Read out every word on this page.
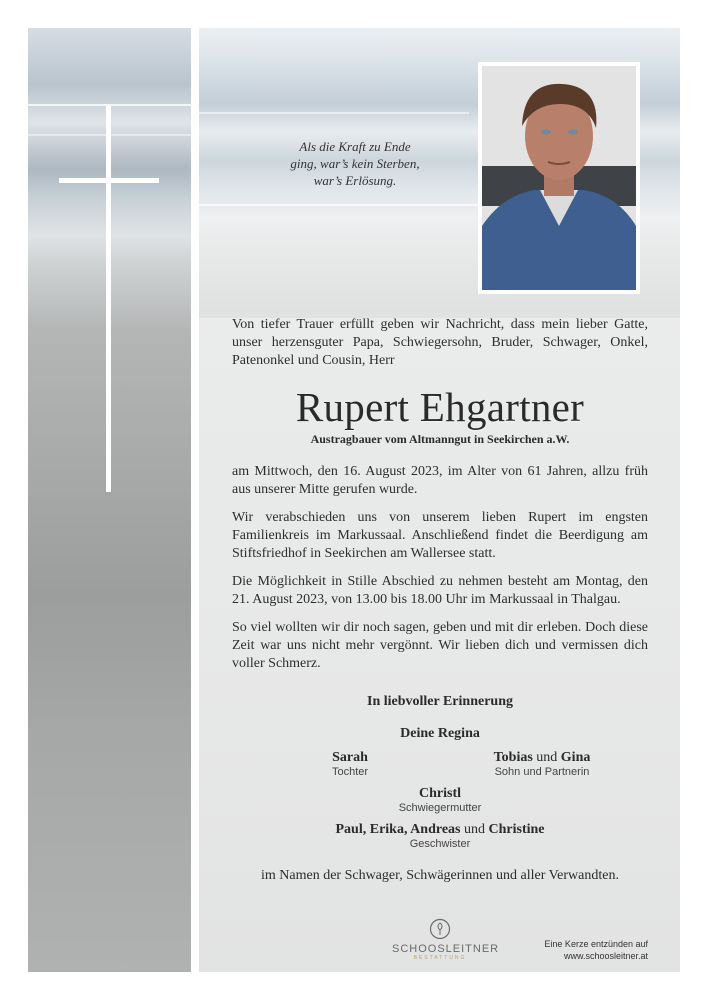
Als die Kraft zu Ende
ging, war’s kein Sterben,
war’s Erlösung.
Von tiefer Trauer erfüllt geben wir Nachricht, dass mein lieber Gatte, unser herzensguter Papa, Schwiegersohn, Bruder, Schwager, Onkel, Patenonkel und Cousin, Herr
Rupert Ehgartner
Austragbauer vom Altmanngut in Seekirchen a.W.
am Mittwoch, den 16. August 2023, im Alter von 61 Jahren, allzu früh aus unserer Mitte gerufen wurde.
Wir verabschieden uns von unserem lieben Rupert im engsten Familienkreis im Markussaal. Anschließend findet die Beerdigung am Stiftsfriedhof in Seekirchen am Wallersee statt.
Die Möglichkeit in Stille Abschied zu nehmen besteht am Montag, den 21. August 2023, von 13.00 bis 18.00 Uhr im Markussaal in Thalgau.
So viel wollten wir dir noch sagen, geben und mit dir erleben. Doch diese Zeit war uns nicht mehr vergönnt. Wir lieben dich und vermissen dich voller Schmerz.
In liebvoller Erinnerung
Deine Regina
Sarah
Tochter
Tobias und Gina
Sohn und Partnerin
Christl
Schwiegermutter
Paul, Erika, Andreas und Christine
Geschwister
im Namen der Schwager, Schwägerinnen und aller Verwandten.
SCHOOSLEITNER
BESTATTUNG
Eine Kerze entzünden auf
www.schoosleitner.at
